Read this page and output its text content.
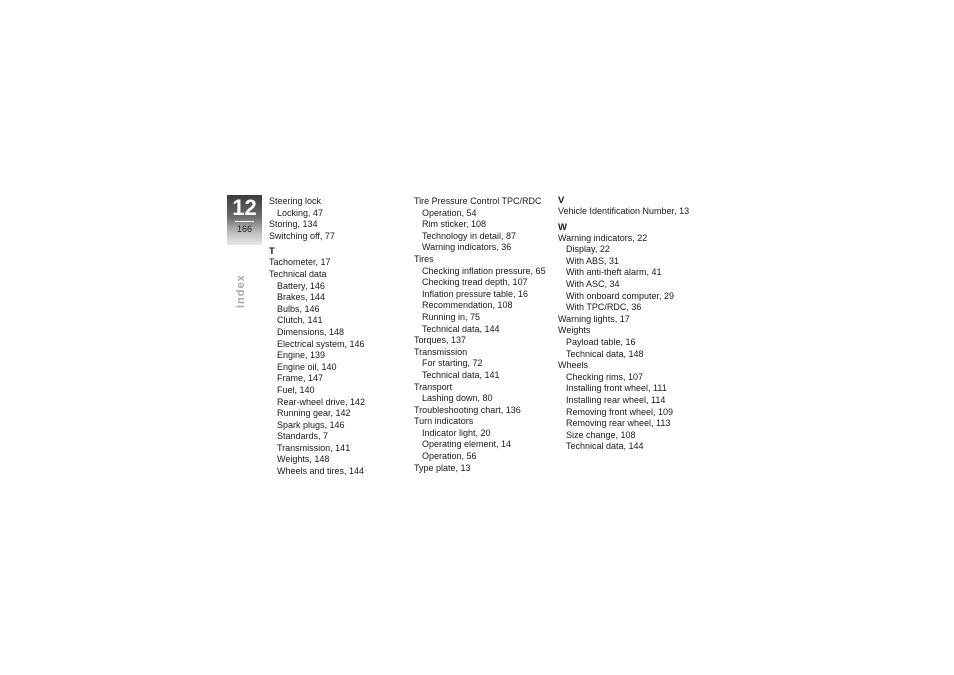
12
166
Index
Steering lock
Locking, 47
Storing, 134
Switching off, 77
T
Tachometer, 17
Technical data
Battery, 146
Brakes, 144
Bulbs, 146
Clutch, 141
Dimensions, 148
Electrical system, 146
Engine, 139
Engine oil, 140
Frame, 147
Fuel, 140
Rear-wheel drive, 142
Running gear, 142
Spark plugs, 146
Standards, 7
Transmission, 141
Weights, 148
Wheels and tires, 144
Tire Pressure Control TPC/RDC
Operation, 54
Rim sticker, 108
Technology in detail, 87
Warning indicators, 36
Tires
Checking inflation pressure, 65
Checking tread depth, 107
Inflation pressure table, 16
Recommendation, 108
Running in, 75
Technical data, 144
Torques, 137
Transmission
For starting, 72
Technical data, 141
Transport
Lashing down, 80
Troubleshooting chart, 136
Turn indicators
Indicator light, 20
Operating element, 14
Operation, 56
Type plate, 13
V
Vehicle Identification Number, 13
W
Warning indicators, 22
Display, 22
With ABS, 31
With anti-theft alarm, 41
With ASC, 34
With onboard computer, 29
With TPC/RDC, 36
Warning lights, 17
Weights
Payload table, 16
Technical data, 148
Wheels
Checking rims, 107
Installing front wheel, 111
Installing rear wheel, 114
Removing front wheel, 109
Removing rear wheel, 113
Size change, 108
Technical data, 144
